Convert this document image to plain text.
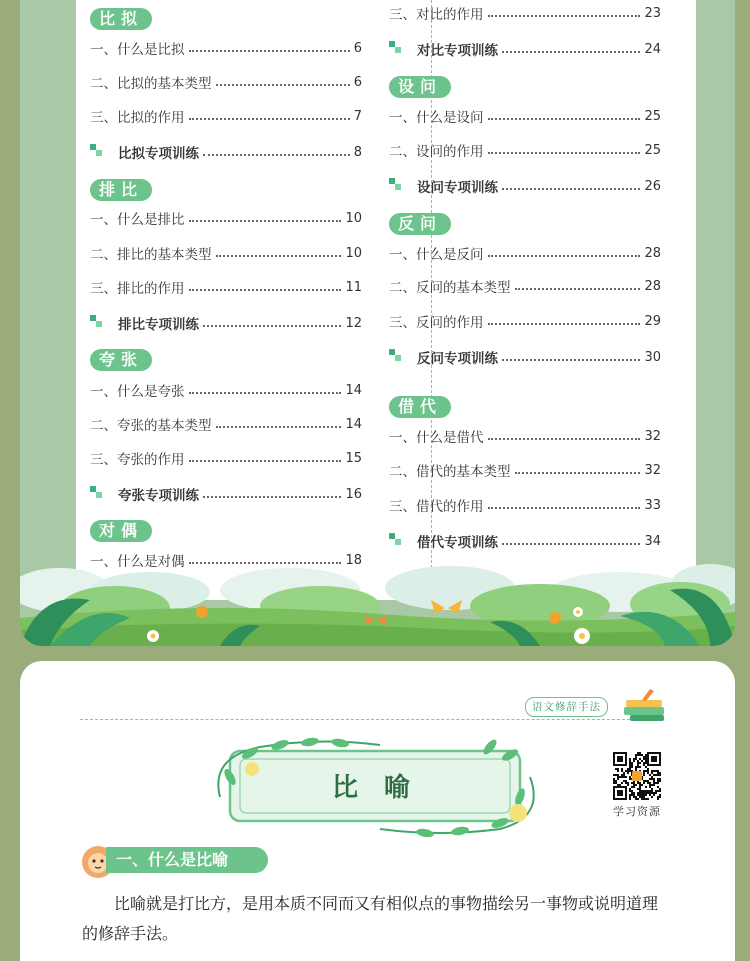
比拟
一、什么是比拟	6
二、比拟的基本类型	6
三、比拟的作用	7
比拟专项训练	8
排比
一、什么是排比	10
二、排比的基本类型	10
三、排比的作用	11
排比专项训练	12
夸张
一、什么是夸张	14
二、夸张的基本类型	14
三、夸张的作用	15
夸张专项训练	16
对偶
一、什么是对偶	18
三、对比的作用	23
对比专项训练	24
设问
一、什么是设问	25
二、设问的作用	25
设问专项训练	26
反问
一、什么是反问	28
二、反问的基本类型	28
三、反问的作用	29
反问专项训练	30
借代
一、什么是借代	32
二、借代的基本类型	32
三、借代的作用	33
借代专项训练	34
语文修辞手法
比喻
学习资源
一、什么是比喻

比喻就是打比方，是用本质不同而又有相似点的事物描绘另一事物或说明道理的修辞手法。
